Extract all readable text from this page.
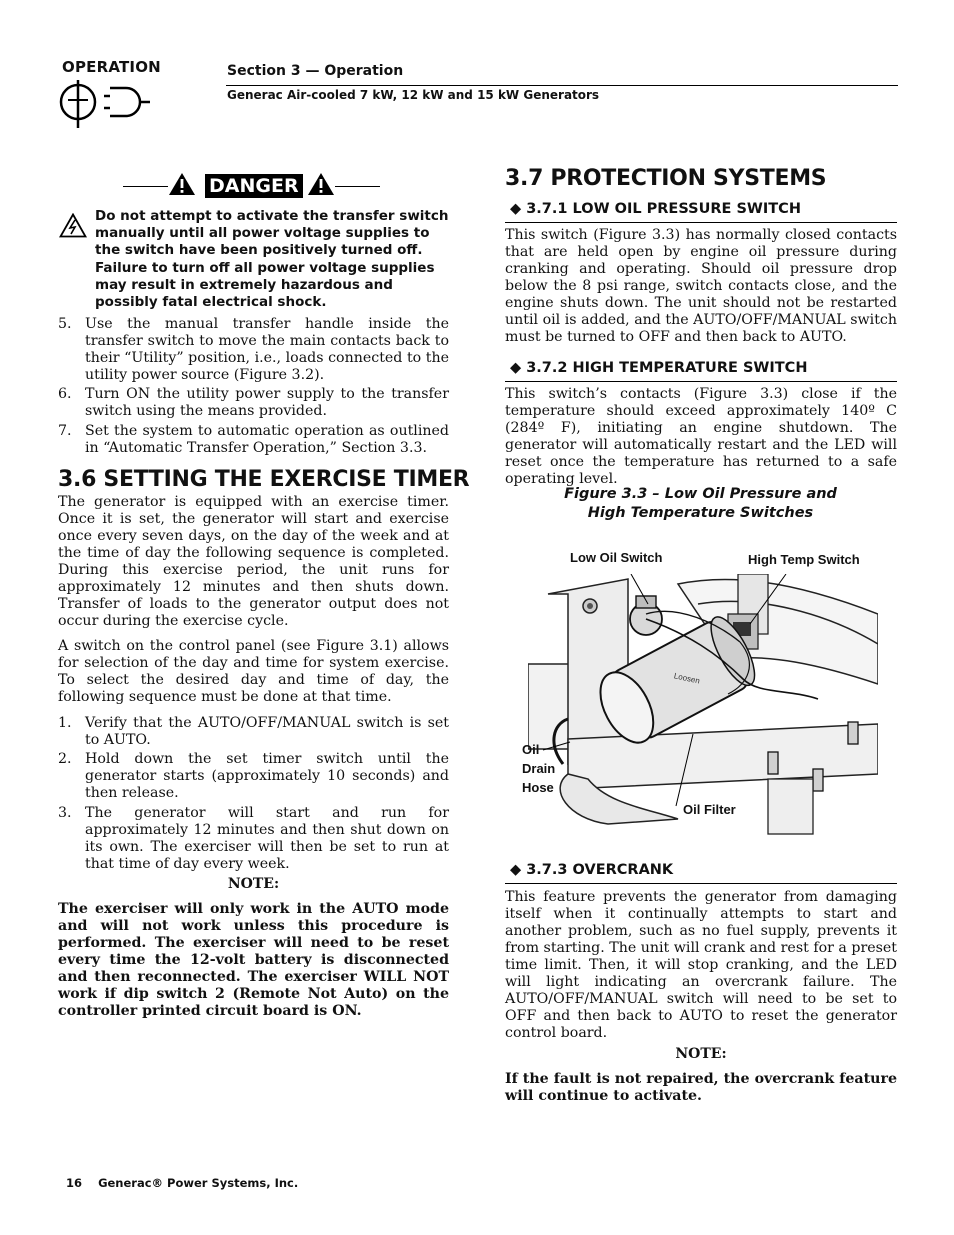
OPERATION	Section 3 — Operation
Generac Air-cooled 7 kW, 12 kW and 15 kW Generators
DANGER
Do not attempt to activate the transfer switch manually until all power voltage supplies to the switch have been positively turned off. Failure to turn off all power voltage supplies may result in extremely hazardous and possibly fatal electrical shock.
5. Use the manual transfer handle inside the transfer switch to move the main contacts back to their “Utility” position, i.e., loads connected to the utility power source (Figure 3.2).

6. Turn ON the utility power supply to the transfer switch using the means provided.

7. Set the system to automatic operation as outlined in “Automatic Transfer Operation,” Section 3.3.

3.6 SETTING THE EXERCISE TIMER

The generator is equipped with an exercise timer. Once it is set, the generator will start and exercise once every seven days, on the day of the week and at the time of day the following sequence is completed. During this exercise period, the unit runs for approximately 12 minutes and then shuts down. Transfer of loads to the generator output does not occur during the exercise cycle.

A switch on the control panel (see Figure 3.1) allows for selection of the day and time for system exercise. To select the desired day and time of day, the following sequence must be done at that time.

1. Verify that the AUTO/OFF/MANUAL switch is set to AUTO.

2. Hold down the set timer switch until the generator starts (approximately 10 seconds) and then release.

3. The generator will start and run for approximately 12 minutes and then shut down on its own. The exerciser will then be set to run at that time of day every week.

NOTE:

The exerciser will only work in the AUTO mode and will not work unless this procedure is performed. The exerciser will need to be reset every time the 12-volt battery is disconnected and then reconnected. The exerciser WILL NOT work if dip switch 2 (Remote Not Auto) on the controller printed circuit board is ON.

3.7 PROTECTION SYSTEMS
◆ 3.7.1 LOW OIL PRESSURE SWITCH

This switch (Figure 3.3) has normally closed contacts that are held open by engine oil pressure during cranking and operating. Should oil pressure drop below the 8 psi range, switch contacts close, and the engine shuts down. The unit should not be restarted until oil is added, and the AUTO/OFF/MANUAL switch must be turned to OFF and then back to AUTO.

◆ 3.7.2 HIGH TEMPERATURE SWITCH

This switch’s contacts (Figure 3.3) close if the temperature should exceed approximately 140º C (284º F), initiating an engine shutdown. The generator will automatically restart and the LED will reset once the temperature has returned to a safe operating level.

Figure 3.3 – Low Oil Pressure and
High Temperature Switches
Loosen
Low Oil Switch	High Temp Switch
Oil
Drain
Hose
Oil Filter
◆ 3.7.3 OVERCRANK

This feature prevents the generator from damaging itself when it continually attempts to start and another problem, such as no fuel supply, prevents it from starting. The unit will crank and rest for a preset time limit. Then, it will stop cranking, and the LED will light indicating an overcrank failure. The AUTO/OFF/MANUAL switch will need to be set to OFF and then back to AUTO to reset the generator control board.

NOTE:

If the fault is not repaired, the overcrank feature will continue to activate.

16 Generac® Power Systems, Inc.
